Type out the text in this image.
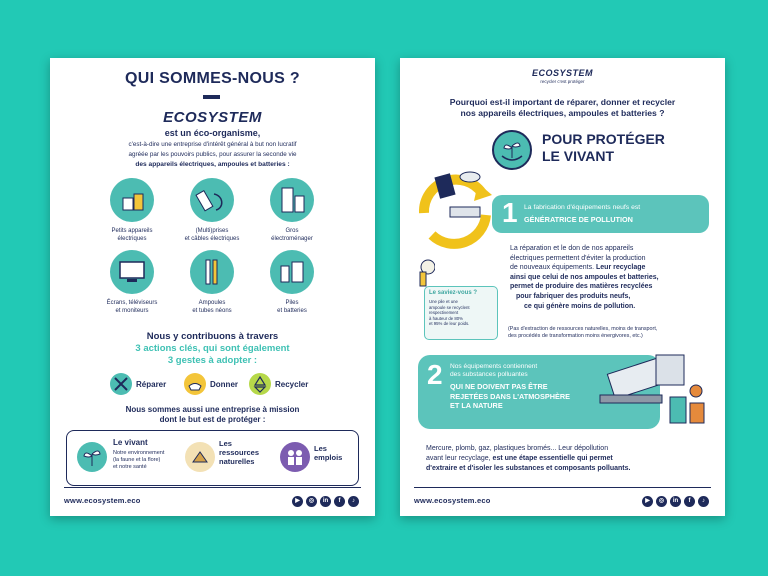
QUI SOMMES-NOUS ?
ECOSYSTEM
est un éco-organisme,
c'est-à-dire une entreprise d'intérêt général à but non lucratif
agréée par les pouvoirs publics, pour assurer la seconde vie
des appareils électriques, ampoules et batteries :
Petits appareils
électriques
(Multi)prises
et câbles électriques
Gros
électroménager
Écrans, téléviseurs
et moniteurs
Ampoules
et tubes néons
Piles
et batteries
Nous y contribuons à travers
3 actions clés, qui sont également
3 gestes à adopter :
Réparer	Donner	Recycler
Nous sommes aussi une entreprise à mission
dont le but est de protéger :
Le vivant
Notre environnement
(la faune et la flore)
et notre santé
Les
ressources
naturelles
Les
emplois
www.ecosystem.eco	▶	◎	in	f	♪
ECOSYSTEM
recycler c'est protéger
Pourquoi est-il important de réparer, donner et recycler
nos appareils électriques, ampoules et batteries ?
POUR PROTÉGER
LE VIVANT
1 La fabrication d'équipements neufs est
GÉNÉRATRICE DE POLLUTION
La réparation et le don de nos appareils
électriques permettent d'éviter la production
de nouveaux équipements. Leur recyclage
ainsi que celui de nos ampoules et batteries,
permet de produire des matières recyclées
pour fabriquer des produits neufs,
ce qui génère moins de pollution.
(Pas d'extraction de ressources naturelles, moins de transport,
des procédés de transformation moins énergivores, etc.)
Le saviez-vous ?
Une pile et une
ampoule se recyclent
respectivement
à hauteur de 80%
et 95% de leur poids.
2 Nos équipements contiennent
des substances polluantes
QUI NE DOIVENT PAS ÊTRE
REJETÉES DANS L'ATMOSPHÈRE
ET LA NATURE
Mercure, plomb, gaz, plastiques bromés... Leur dépollution
avant leur recyclage, est une étape essentielle qui permet
d'extraire et d'isoler les substances et composants polluants.
www.ecosystem.eco	▶	◎	in	f	♪
